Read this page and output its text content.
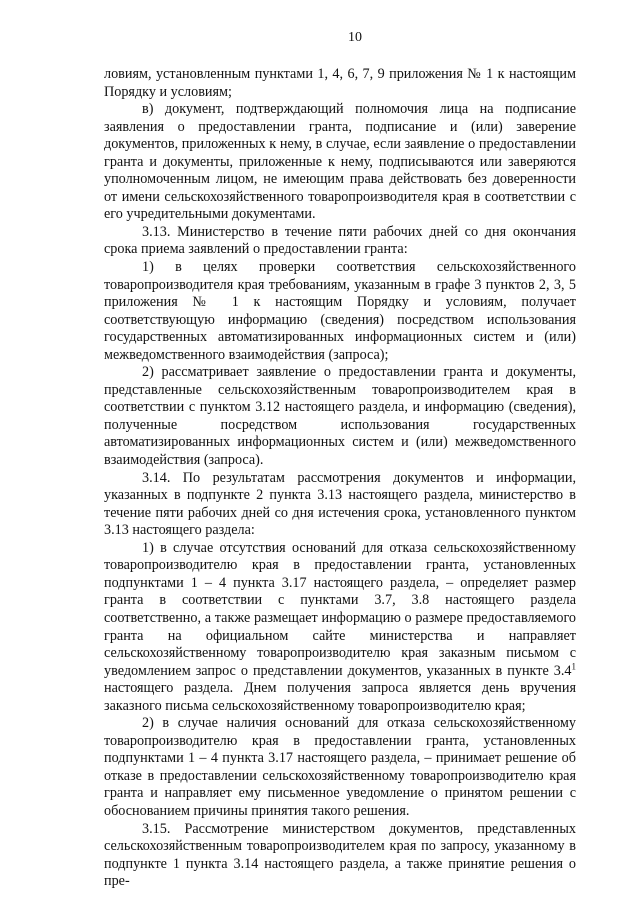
10

ловиям, установленным пунктами 1, 4, 6, 7, 9 приложения № 1 к настоящим Порядку и условиям;

в) документ, подтверждающий полномочия лица на подписание заявления о предоставлении гранта, подписание и (или) заверение документов, приложенных к нему, в случае, если заявление о предоставлении гранта и документы, приложенные к нему, подписываются или заверяются уполномоченным лицом, не имеющим права действовать без доверенности от имени сельскохозяйственного товаропроизводителя края в соответствии с его учредительными документами.

3.13. Министерство в течение пяти рабочих дней со дня окончания срока приема заявлений о предоставлении гранта:

1) в целях проверки соответствия сельскохозяйственного товаропроизводителя края требованиям, указанным в графе 3 пунктов 2, 3, 5 приложения № 1 к настоящим Порядку и условиям, получает соответствующую информацию (сведения) посредством использования государственных автоматизированных информационных систем и (или) межведомственного взаимодействия (запроса);

2) рассматривает заявление о предоставлении гранта и документы, представленные сельскохозяйственным товаропроизводителем края в соответствии с пунктом 3.12 настоящего раздела, и информацию (сведения), полученные посредством использования государственных автоматизированных информационных систем и (или) межведомственного взаимодействия (запроса).

3.14. По результатам рассмотрения документов и информации, указанных в подпункте 2 пункта 3.13 настоящего раздела, министерство в течение пяти рабочих дней со дня истечения срока, установленного пунктом 3.13 настоящего раздела:

1) в случае отсутствия оснований для отказа сельскохозяйственному товаропроизводителю края в предоставлении гранта, установленных подпунктами 1 – 4 пункта 3.17 настоящего раздела, – определяет размер гранта в соответствии с пунктами 3.7, 3.8 настоящего раздела соответственно, а также размещает информацию о размере предоставляемого гранта на официальном сайте министерства и направляет сельскохозяйственному товаропроизводителю края заказным письмом с уведомлением запрос о представлении документов, указанных в пункте $3.4^1$ настоящего раздела. Днем получения запроса является день вручения заказного письма сельскохозяйственному товаропроизводителю края;

2) в случае наличия оснований для отказа сельскохозяйственному товаропроизводителю края в предоставлении гранта, установленных подпунктами 1 – 4 пункта 3.17 настоящего раздела, – принимает решение об отказе в предоставлении сельскохозяйственному товаропроизводителю края гранта и направляет ему письменное уведомление о принятом решении с обоснованием причины принятия такого решения.

3.15. Рассмотрение министерством документов, представленных сельскохозяйственным товаропроизводителем края по запросу, указанному в подпункте 1 пункта 3.14 настоящего раздела, а также принятие решения о пре-
